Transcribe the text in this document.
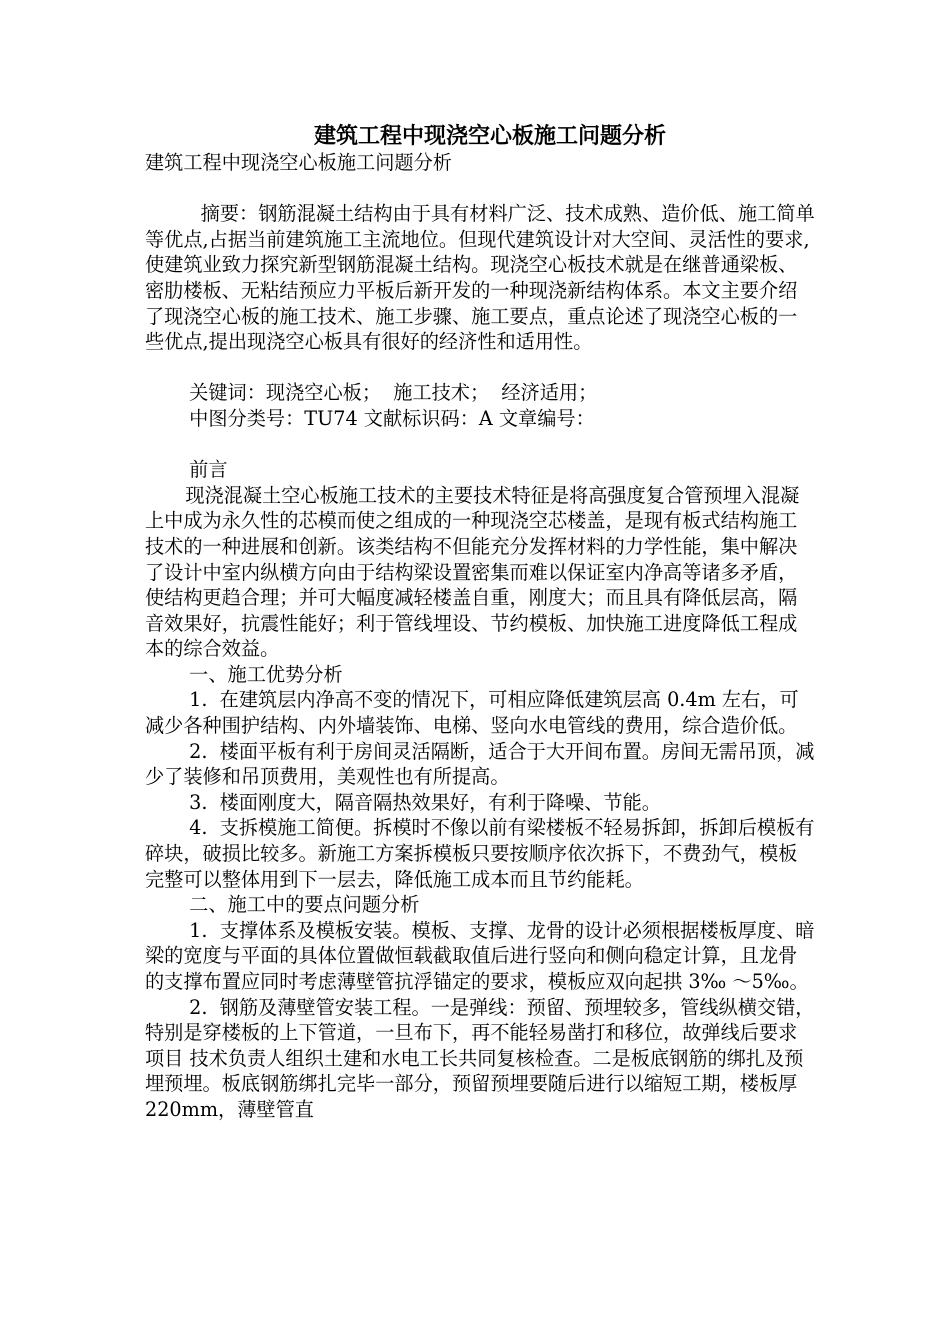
建筑工程中现浇空心板施工问题分析

建筑工程中现浇空心板施工问题分析

摘要：钢筋混凝土结构由于具有材料广泛、技术成熟、造价低、施工简单等优点,占据当前建筑施工主流地位。但现代建筑设计对大空间、灵活性的要求,使建筑业致力探究新型钢筋混凝土结构。现浇空心板技术就是在继普通梁板、密肋楼板、无粘结预应力平板后新开发的一种现浇新结构体系。本文主要介绍了现浇空心板的施工技术、施工步骤、施工要点，重点论述了现浇空心板的一些优点,提出现浇空心板具有很好的经济性和适用性。

关键词：现浇空心板；  施工技术；  经济适用；

中图分类号：TU74 文献标识码：A 文章编号：

前言

现浇混凝土空心板施工技术的主要技术特征是将高强度复合管预埋入混凝上中成为永久性的芯模而使之组成的一种现浇空芯楼盖，是现有板式结构施工技术的一种进展和创新。该类结构不但能充分发挥材料的力学性能，集中解决了设计中室内纵横方向由于结构梁设置密集而难以保证室内净高等诸多矛盾，使结构更趋合理；并可大幅度减轻楼盖自重，刚度大；而且具有降低层高，隔音效果好，抗震性能好；利于管线埋设、节约模板、加快施工进度降低工程成本的综合效益。

一、施工优势分析

1.  在建筑层内净高不变的情况下，可相应降低建筑层高 0.4m 左右，可减少各种围护结构、内外墙装饰、电梯、竖向水电管线的费用，综合造价低。

2.  楼面平板有利于房间灵活隔断，适合于大开间布置。房间无需吊顶，减少了装修和吊顶费用，美观性也有所提高。

3.  楼面刚度大，隔音隔热效果好，有利于降噪、节能。

4.  支拆模施工简便。拆模时不像以前有梁楼板不轻易拆卸，拆卸后模板有碎块，破损比较多。新施工方案拆模板只要按顺序依次拆下，不费劲气，模板完整可以整体用到下一层去，降低施工成本而且节约能耗。

二、施工中的要点问题分析

1.  支撑体系及模板安装。模板、支撑、龙骨的设计必须根据楼板厚度、暗梁的宽度与平面的具体位置做恒载截取值后进行竖向和侧向稳定计算，且龙骨的支撑布置应同时考虑薄壁管抗浮锚定的要求，模板应双向起拱 3‰ ～5‰。

2.  钢筋及薄壁管安装工程。一是弹线：预留、预埋较多，管线纵横交错，特别是穿楼板的上下管道，一旦布下，再不能轻易凿打和移位，故弹线后要求项目 技术负责人组织土建和水电工长共同复核检查。二是板底钢筋的绑扎及预埋预埋。板底钢筋绑扎完毕一部分，预留预埋要随后进行以缩短工期，楼板厚 220mm，薄壁管直
